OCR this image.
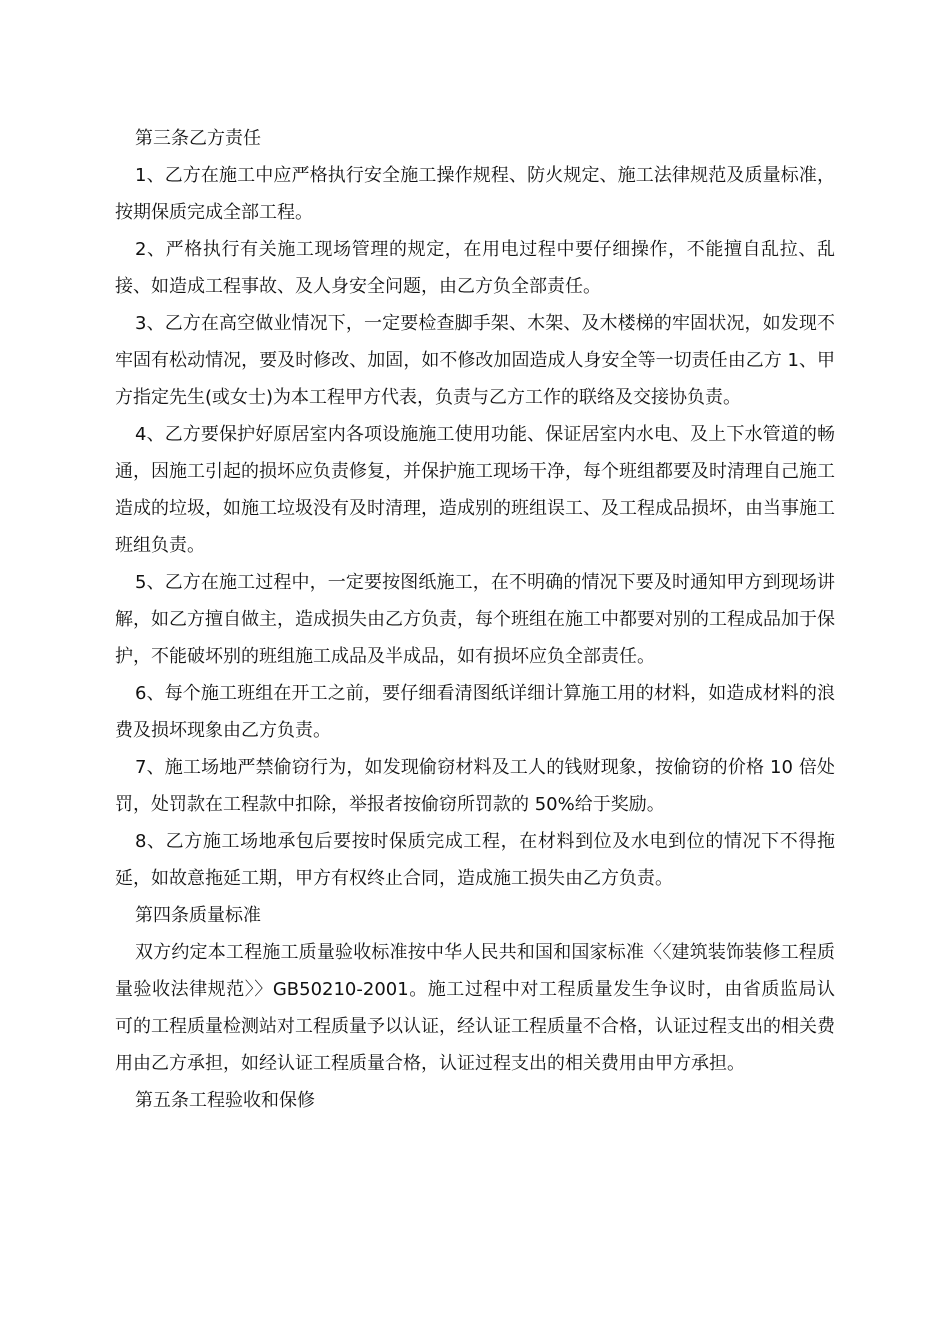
第三条乙方责任

1、乙方在施工中应严格执行安全施工操作规程、防火规定、施工法律规范及质量标准，按期保质完成全部工程。

2、严格执行有关施工现场管理的规定，在用电过程中要仔细操作，不能擅自乱拉、乱接、如造成工程事故、及人身安全问题，由乙方负全部责任。

3、乙方在高空做业情况下，一定要检查脚手架、木架、及木楼梯的牢固状况，如发现不牢固有松动情况，要及时修改、加固，如不修改加固造成人身安全等一切责任由乙方 1、甲方指定先生(或女士)为本工程甲方代表，负责与乙方工作的联络及交接协负责。

4、乙方要保护好原居室内各项设施施工使用功能、保证居室内水电、及上下水管道的畅通，因施工引起的损坏应负责修复，并保护施工现场干净，每个班组都要及时清理自己施工造成的垃圾，如施工垃圾没有及时清理，造成别的班组误工、及工程成品损坏，由当事施工班组负责。

5、乙方在施工过程中，一定要按图纸施工，在不明确的情况下要及时通知甲方到现场讲解，如乙方擅自做主，造成损失由乙方负责，每个班组在施工中都要对别的工程成品加于保护，不能破坏别的班组施工成品及半成品，如有损坏应负全部责任。

6、每个施工班组在开工之前，要仔细看清图纸详细计算施工用的材料，如造成材料的浪费及损坏现象由乙方负责。

7、施工场地严禁偷窃行为，如发现偷窃材料及工人的钱财现象，按偷窃的价格 10 倍处罚，处罚款在工程款中扣除，举报者按偷窃所罚款的 50%给于奖励。

8、乙方施工场地承包后要按时保质完成工程，在材料到位及水电到位的情况下不得拖延，如故意拖延工期，甲方有权终止合同，造成施工损失由乙方负责。

第四条质量标准

双方约定本工程施工质量验收标准按中华人民共和国和国家标准〈〈建筑装饰装修工程质量验收法律规范〉〉GB50210-2001。施工过程中对工程质量发生争议时，由省质监局认可的工程质量检测站对工程质量予以认证，经认证工程质量不合格，认证过程支出的相关费用由乙方承担，如经认证工程质量合格，认证过程支出的相关费用由甲方承担。

第五条工程验收和保修
